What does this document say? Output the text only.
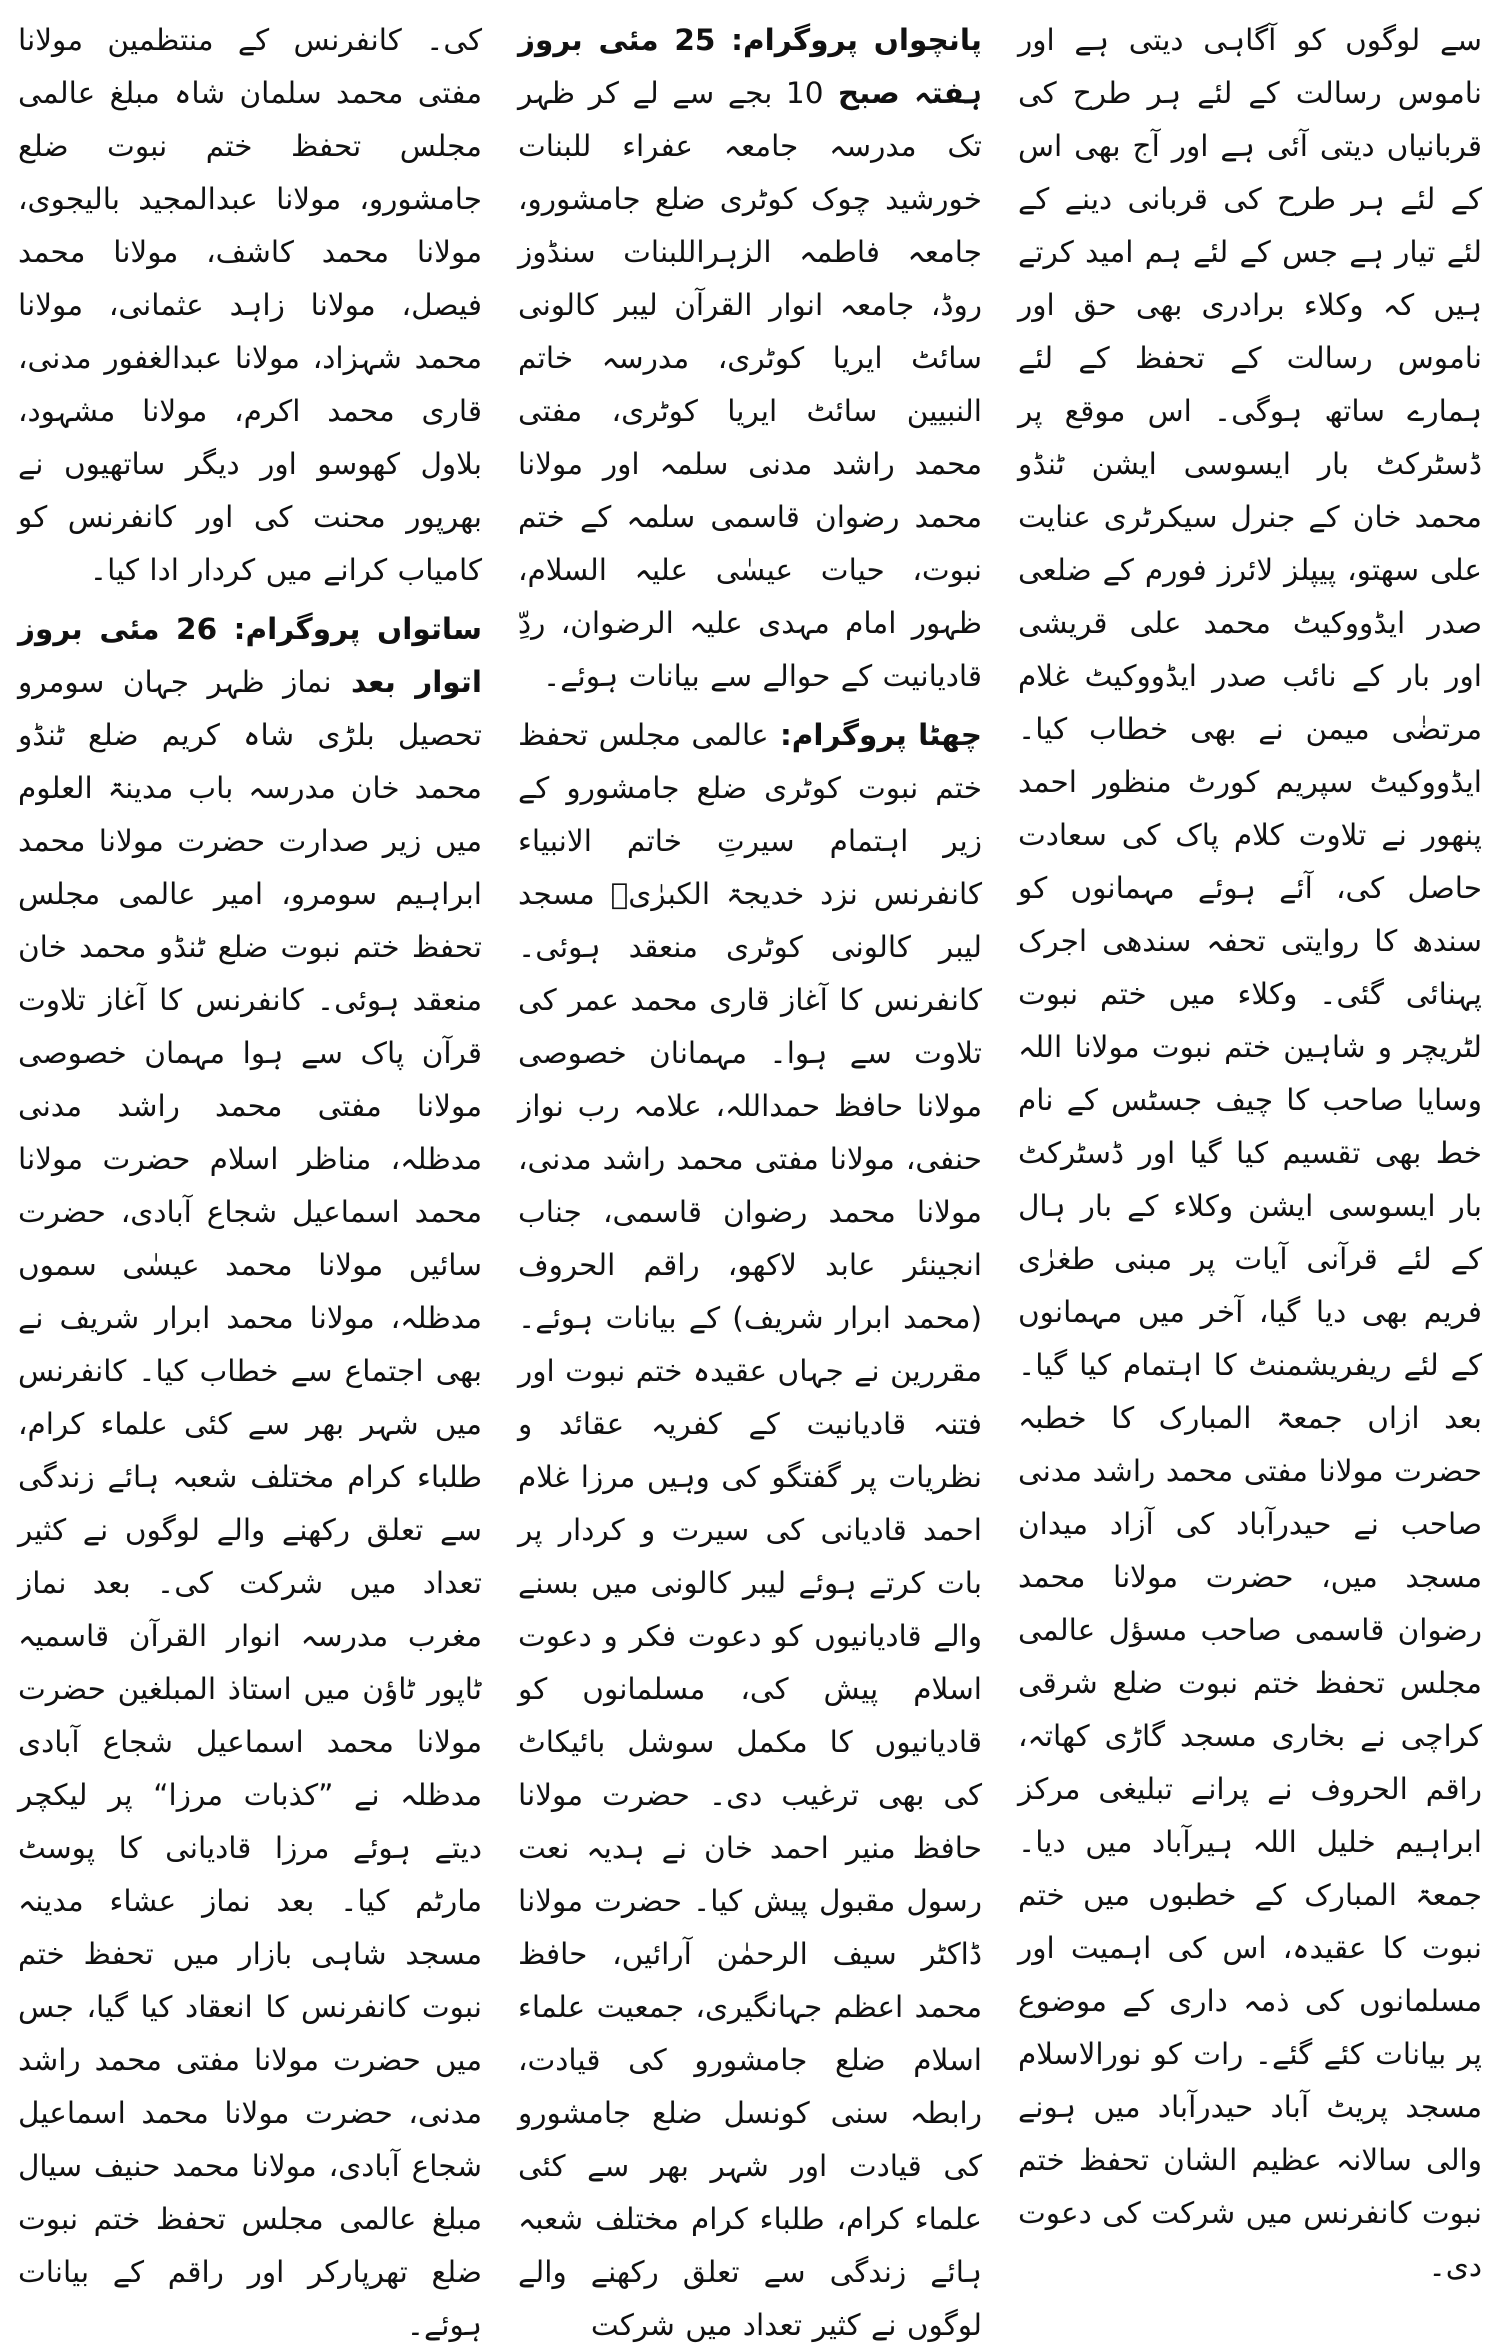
سے لوگوں کو آگاہی دیتی ہے اور ناموس رسالت کے لئے ہر طرح کی قربانیاں دیتی آئی ہے اور آج بھی اس کے لئے ہر طرح کی قربانی دینے کے لئے تیار ہے جس کے لئے ہم امید کرتے ہیں کہ وکلاء برادری بھی حق اور ناموس رسالت کے تحفظ کے لئے ہمارے ساتھ ہوگی۔ اس موقع پر ڈسٹرکٹ بار ایسوسی ایشن ٹنڈو محمد خان کے جنرل سیکرٹری عنایت علی سھتو، پیپلز لائرز فورم کے ضلعی صدر ایڈووکیٹ محمد علی قریشی اور بار کے نائب صدر ایڈووکیٹ غلام مرتضٰی میمن نے بھی خطاب کیا۔ ایڈووکیٹ سپریم کورٹ منظور احمد پنھور نے تلاوت کلام پاک کی سعادت حاصل کی، آئے ہوئے مہمانوں کو سندھ کا روایتی تحفہ سندھی اجرک پہنائی گئی۔ وکلاء میں ختم نبوت لٹریچر و شاہین ختم نبوت مولانا اللہ وسایا صاحب کا چیف جسٹس کے نام خط بھی تقسیم کیا گیا اور ڈسٹرکٹ بار ایسوسی ایشن وکلاء کے بار ہال کے لئے قرآنی آیات پر مبنی طغرٰی فریم بھی دیا گیا، آخر میں مہمانوں کے لئے ریفریشمنٹ کا اہتمام کیا گیا۔ بعد ازاں جمعۃ المبارک کا خطبہ حضرت مولانا مفتی محمد راشد مدنی صاحب نے حیدرآباد کی آزاد میدان مسجد میں، حضرت مولانا محمد رضوان قاسمی صاحب مسؤل عالمی مجلس تحفظ ختم نبوت ضلع شرقی کراچی نے بخاری مسجد گاڑی کھاتہ، راقم الحروف نے پرانے تبلیغی مرکز ابراہیم خلیل اللہ ہیرآباد میں دیا۔ جمعۃ المبارک کے خطبوں میں ختم نبوت کا عقیدہ، اس کی اہمیت اور مسلمانوں کی ذمہ داری کے موضوع پر بیانات کئے گئے۔ رات کو نورالاسلام مسجد پریٹ آباد حیدرآباد میں ہونے والی سالانہ عظیم الشان تحفظ ختم نبوت کانفرنس میں شرکت کی دعوت دی۔

پانچواں پروگرام: 25 مئی بروز ہفتہ صبح 10 بجے سے لے کر ظہر تک مدرسہ جامعہ عفراء للبنات خورشید چوک کوٹری ضلع جامشورو، جامعہ فاطمہ الزہراللبنات سنڈوز روڈ، جامعہ انوار القرآن لیبر کالونی سائٹ ایریا کوٹری، مدرسہ خاتم النبیین سائٹ ایریا کوٹری، مفتی محمد راشد مدنی سلمہ اور مولانا محمد رضوان قاسمی سلمہ کے ختم نبوت، حیات عیسٰی علیہ السلام، ظہور امام مہدی علیہ الرضوان، ردِّ قادیانیت کے حوالے سے بیانات ہوئے۔

چھٹا پروگرام: عالمی مجلس تحفظ ختم نبوت کوٹری ضلع جامشورو کے زیر اہتمام سیرتِ خاتم الانبیاء کانفرنس نزد خدیجۃ الکبرٰیؓ مسجد لیبر کالونی کوٹری منعقد ہوئی۔ کانفرنس کا آغاز قاری محمد عمر کی تلاوت سے ہوا۔ مہمانان خصوصی مولانا حافظ حمداللہ، علامہ رب نواز حنفی، مولانا مفتی محمد راشد مدنی، مولانا محمد رضوان قاسمی، جناب انجینئر عابد لاکھو، راقم الحروف (محمد ابرار شریف) کے بیانات ہوئے۔ مقررین نے جہاں عقیدہ ختم نبوت اور فتنہ قادیانیت کے کفریہ عقائد و نظریات پر گفتگو کی وہیں مرزا غلام احمد قادیانی کی سیرت و کردار پر بات کرتے ہوئے لیبر کالونی میں بسنے والے قادیانیوں کو دعوت فکر و دعوت اسلام پیش کی، مسلمانوں کو قادیانیوں کا مکمل سوشل بائیکاٹ کی بھی ترغیب دی۔ حضرت مولانا حافظ منیر احمد خان نے ہدیہ نعت رسول مقبول پیش کیا۔ حضرت مولانا ڈاکٹر سیف الرحمٰن آرائیں، حافظ محمد اعظم جہانگیری، جمعیت علماء اسلام ضلع جامشورو کی قیادت، رابطہ سنی کونسل ضلع جامشورو کی قیادت اور شہر بھر سے کئی علماء کرام، طلباء کرام مختلف شعبہ ہائے زندگی سے تعلق رکھنے والے لوگوں نے کثیر تعداد میں شرکت

کی۔ کانفرنس کے منتظمین مولانا مفتی محمد سلمان شاہ مبلغ عالمی مجلس تحفظ ختم نبوت ضلع جامشورو، مولانا عبدالمجید بالیجوی، مولانا محمد کاشف، مولانا محمد فیصل، مولانا زاہد عثمانی، مولانا محمد شہزاد، مولانا عبدالغفور مدنی، قاری محمد اکرم، مولانا مشہود، بلاول کھوسو اور دیگر ساتھیوں نے بھرپور محنت کی اور کانفرنس کو کامیاب کرانے میں کردار ادا کیا۔

ساتواں پروگرام: 26 مئی بروز اتوار بعد نماز ظہر جہان سومرو تحصیل بلڑی شاہ کریم ضلع ٹنڈو محمد خان مدرسہ باب مدینۃ العلوم میں زیر صدارت حضرت مولانا محمد ابراہیم سومرو، امیر عالمی مجلس تحفظ ختم نبوت ضلع ٹنڈو محمد خان منعقد ہوئی۔ کانفرنس کا آغاز تلاوت قرآن پاک سے ہوا مہمان خصوصی مولانا مفتی محمد راشد مدنی مدظلہ، مناظر اسلام حضرت مولانا محمد اسماعیل شجاع آبادی، حضرت سائیں مولانا محمد عیسٰی سموں مدظلہ، مولانا محمد ابرار شریف نے بھی اجتماع سے خطاب کیا۔ کانفرنس میں شہر بھر سے کئی علماء کرام، طلباء کرام مختلف شعبہ ہائے زندگی سے تعلق رکھنے والے لوگوں نے کثیر تعداد میں شرکت کی۔ بعد نماز مغرب مدرسہ انوار القرآن قاسمیہ ٹاپور ٹاؤن میں استاذ المبلغین حضرت مولانا محمد اسماعیل شجاع آبادی مدظلہ نے ”کذبات مرزا“ پر لیکچر دیتے ہوئے مرزا قادیانی کا پوسٹ مارٹم کیا۔ بعد نماز عشاء مدینہ مسجد شاہی بازار میں تحفظ ختم نبوت کانفرنس کا انعقاد کیا گیا، جس میں حضرت مولانا مفتی محمد راشد مدنی، حضرت مولانا محمد اسماعیل شجاع آبادی، مولانا محمد حنیف سیال مبلغ عالمی مجلس تحفظ ختم نبوت ضلع تھرپارکر اور راقم کے بیانات ہوئے۔
